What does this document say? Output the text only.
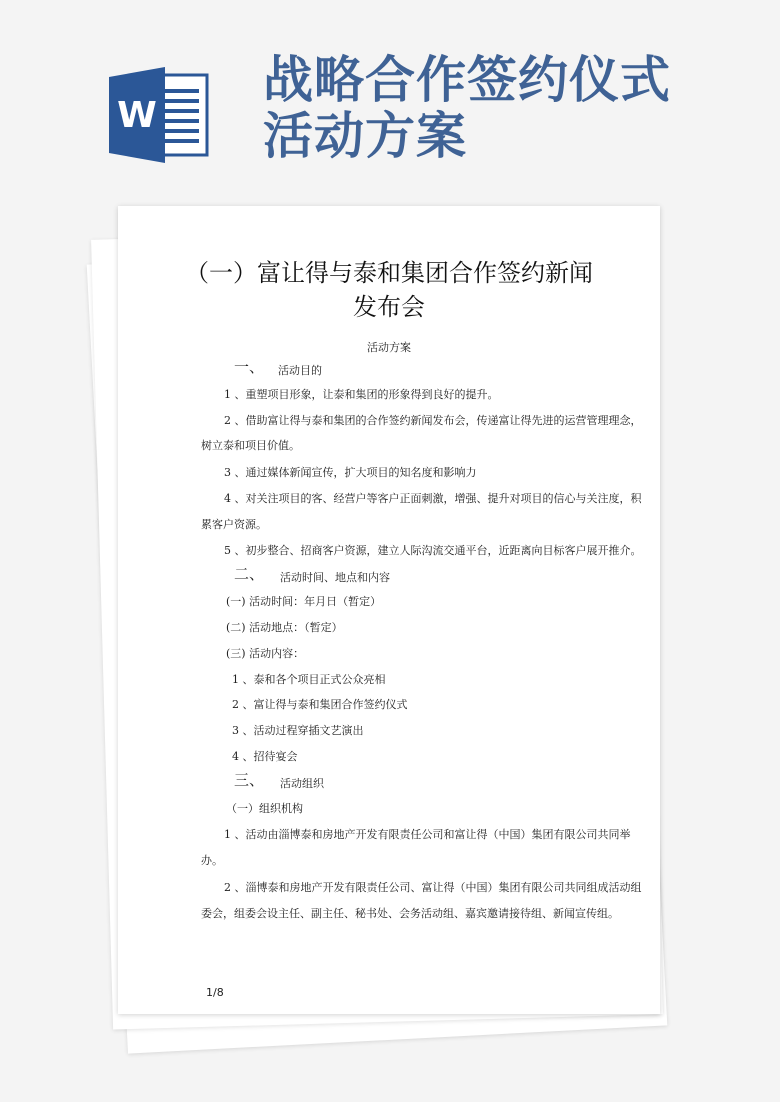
W
战略合作签约仪式
活动方案
（一）富让得与泰和集团合作签约新闻
发布会
活动方案
一、 活动目的
1 、重塑项目形象，让泰和集团的形象得到良好的提升。
2 、借助富让得与泰和集团的合作签约新闻发布会，传递富让得先进的运营管理理念，
树立泰和项目价值。
3 、通过媒体新闻宣传，扩大项目的知名度和影响力
4 、对关注项目的客、经营户等客户正面刺激，增强、提升对项目的信心与关注度，积
累客户资源。
5 、初步整合、招商客户资源，建立人际沟流交通平台，近距离向目标客户展开推介。
二、 活动时间、地点和内容
(一) 活动时间：年月日（暂定）
(二) 活动地点：（暂定）
(三) 活动内容：
1 、泰和各个项目正式公众亮相
2 、富让得与泰和集团合作签约仪式
3 、活动过程穿插文艺演出
4 、招待宴会
三、 活动组织
（一）组织机构
1 、活动由淄博泰和房地产开发有限责任公司和富让得（中国）集团有限公司共同举
办。
2 、淄博泰和房地产开发有限责任公司、富让得（中国）集团有限公司共同组成活动组
委会，组委会设主任、副主任、秘书处、会务活动组、嘉宾邀请接待组、新闻宣传组。
1/8
